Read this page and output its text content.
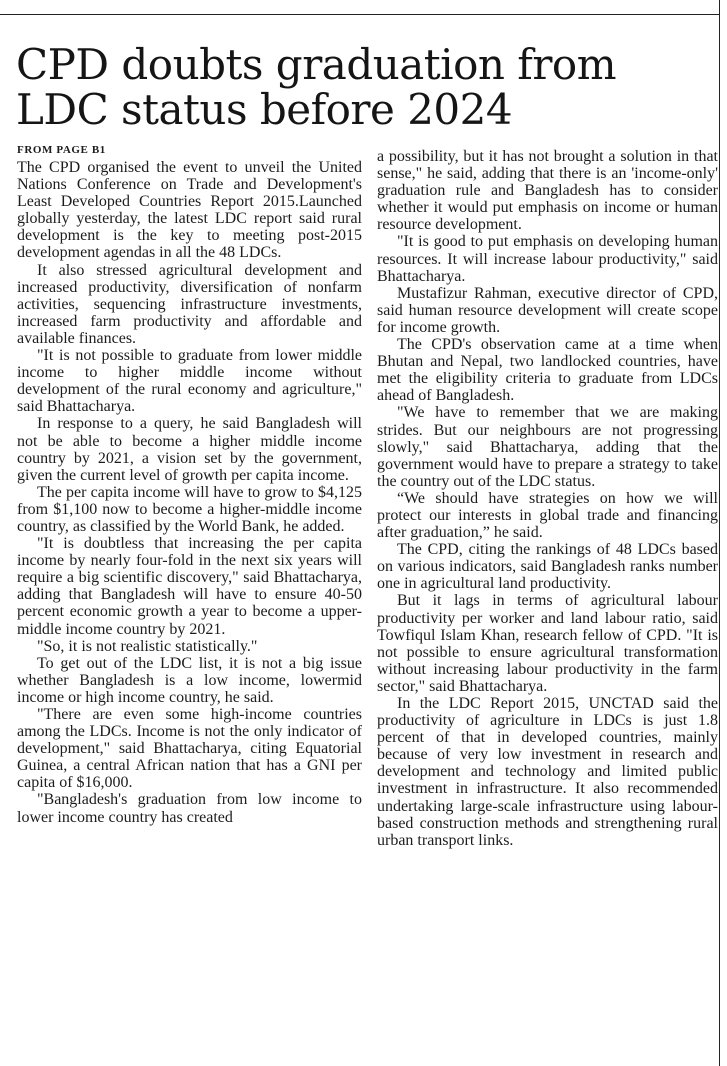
CPD doubts graduation from
LDC status before 2024
FROM PAGE B1

The CPD organised the event to unveil the United Nations Conference on Trade and Development's Least Developed Countries Report 2015.Launched globally yesterday, the latest LDC report said rural development is the key to meeting post-2015 development agendas in all the 48 LDCs.

It also stressed agricultural development and increased productivity, diversification of nonfarm activities, sequencing infrastructure investments, increased farm productivity and affordable and available finances.

"It is not possible to graduate from lower middle income to higher middle income without development of the rural economy and agriculture," said Bhattacharya.

In response to a query, he said Bangladesh will not be able to become a higher middle income country by 2021, a vision set by the government, given the current level of growth per capita income.

The per capita income will have to grow to $4,125 from $1,100 now to become a higher-middle income country, as classified by the World Bank, he added.

"It is doubtless that increasing the per capita income by nearly four-fold in the next six years will require a big scientific discovery," said Bhattacharya, adding that Bangladesh will have to ensure 40-50 percent economic growth a year to become a upper-middle income country by 2021.

"So, it is not realistic statistically."

To get out of the LDC list, it is not a big issue whether Bangladesh is a low income, lowermid income or high income country, he said.

"There are even some high-income countries among the LDCs. Income is not the only indicator of development," said Bhattacharya, citing Equatorial Guinea, a central African nation that has a GNI per capita of $16,000.

"Bangladesh's graduation from low income to lower income country has created

a possibility, but it has not brought a solution in that sense," he said, adding that there is an 'income-only' graduation rule and Bangladesh has to consider whether it would put emphasis on income or human resource development.

"It is good to put emphasis on developing human resources. It will increase labour productivity," said Bhattacharya.

Mustafizur Rahman, executive director of CPD, said human resource development will create scope for income growth.

The CPD's observation came at a time when Bhutan and Nepal, two landlocked countries, have met the eligibility criteria to graduate from LDCs ahead of Bangladesh.

"We have to remember that we are making strides. But our neighbours are not progressing slowly," said Bhattacharya, adding that the government would have to prepare a strategy to take the country out of the LDC status.

“We should have strategies on how we will protect our interests in global trade and financing after graduation,” he said.

The CPD, citing the rankings of 48 LDCs based on various indicators, said Bangladesh ranks number one in agricultural land productivity.

But it lags in terms of agricultural labour productivity per worker and land labour ratio, said Towfiqul Islam Khan, research fellow of CPD. "It is not possible to ensure agricultural transformation without increasing labour productivity in the farm sector," said Bhattacharya.

In the LDC Report 2015, UNCTAD said the productivity of agriculture in LDCs is just 1.8 percent of that in developed countries, mainly because of very low investment in research and development and technology and limited public investment in infrastructure. It also recommended undertaking large-scale infrastructure using labour-based construction methods and strengthening rural urban transport links.
